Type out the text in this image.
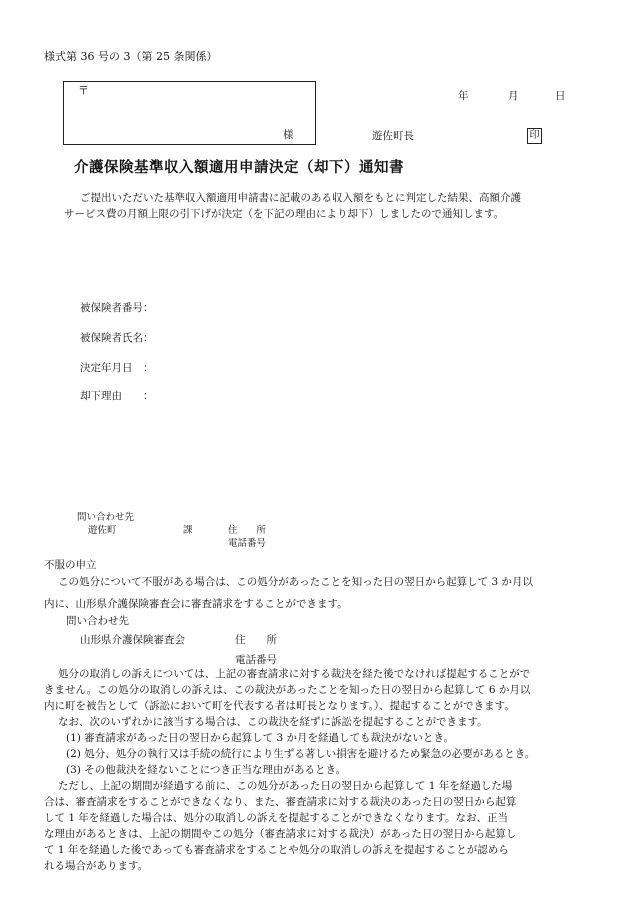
様式第 36 号の 3（第 25 条関係）
〒
様
年	月	日
遊佐町長	印
介護保険基準収入額適用申請決定（却下）通知書
ご提出いただいた基準収入額適用申請書に記載のある収入額をもとに判定した結果、高額介護
サービス費の月額上限の引下げが決定（を下記の理由により却下）しましたので通知します。
被保険者番号：
被保険者氏名：
決定年月日　：
却下理由　　：
問い合わせ先
遊佐町	課	住　　所
電話番号
不服の申立
この処分について不服がある場合は、この処分があったことを知った日の翌日から起算して 3 か月以
内に、山形県介護保険審査会に審査請求をすることができます。
問い合わせ先
山形県介護保険審査会	住　　所
電話番号
処分の取消しの訴えについては、上記の審査請求に対する裁決を経た後でなければ提起することがで
きません。この処分の取消しの訴えは、この裁決があったことを知った日の翌日から起算して 6 か月以
内に町を被告として（訴訟において町を代表する者は町長となります。）、提起することができます。
なお、次のいずれかに該当する場合は、この裁決を経ずに訴訟を提起することができます。
(1) 審査請求があった日の翌日から起算して 3 か月を経過しても裁決がないとき。
(2) 処分、処分の執行又は手続の続行により生ずる著しい損害を避けるため緊急の必要があるとき。
(3) その他裁決を経ないことにつき正当な理由があるとき。
ただし、上記の期間が経過する前に、この処分があった日の翌日から起算して 1 年を経過した場
合は、審査請求をすることができなくなり、また、審査請求に対する裁決のあった日の翌日から起算
して 1 年を経過した場合は、処分の取消しの訴えを提起することができなくなります。なお、正当
な理由があるときは、上記の期間やこの処分（審査請求に対する裁決）があった日の翌日から起算し
て 1 年を経過した後であっても審査請求をすることや処分の取消しの訴えを提起することが認めら
れる場合があります。
